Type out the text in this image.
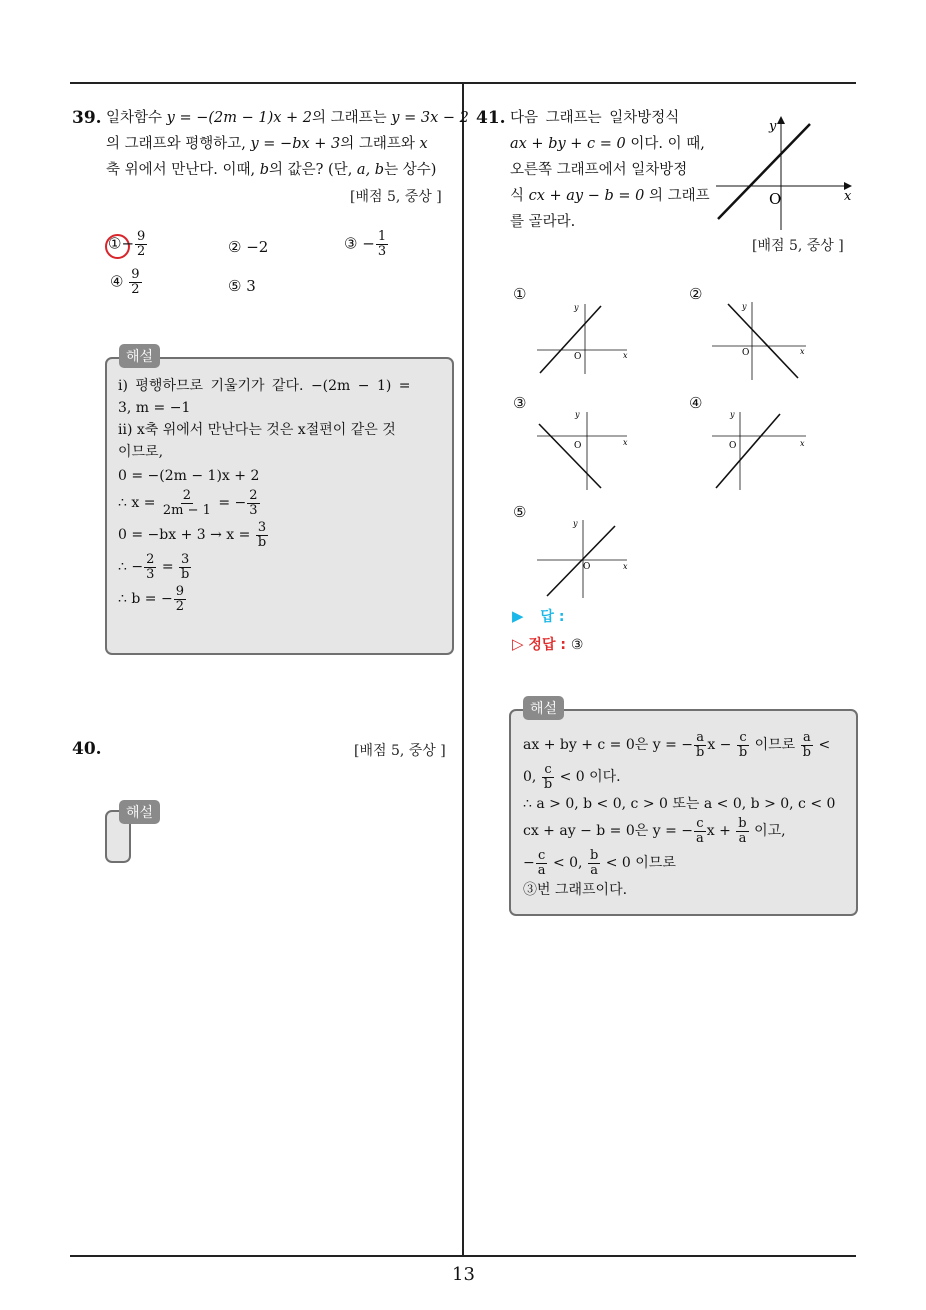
13
39. 일차함수 y = −(2m − 1)x + 2의 그래프는 y = 3x − 2
의 그래프와 평행하고, y = −bx + 3의 그래프와 x
축 위에서 만난다. 이때, b의 값은? (단, a, b는 상수)
[배점 5, 중상 ]
①− $\frac{9}{2}$	② −2	③ − $\frac{1}{3}$
④ $\frac{9}{2}$	⑤ 3
ⅰ) 평행하므로 기울기가 같다. −(2m − 1) =
3, m = −1
ⅱ) x축 위에서 만난다는 것은 x절편이 같은 것
이므로,
0 = −(2m − 1)x + 2
∴ $x = \frac{2}{2m - 1}$ = − $\frac{2}{3}$
$0 = -bx + 3 \to x = \frac{3}{b}$
∴ − $\frac{2}{3} = \frac{3}{b}$
∴ b = − $\frac{9}{2}$
해설
40.	[배점 5, 중상 ]
해설
41. 다음 그래프는 일차방정식
ax + by + c = 0 이다. 이 때,
오른쪽 그래프에서 일차방정
식 cx + ay − b = 0 의 그래프
를 골라라.
y
x
O
[배점 5, 중상 ]
①
y
x
O
②
y
x
O
③
y
x
O
④
y
x
O
⑤
y
x
O
▶ 답 :
▷ 정답 : ③
ax + by + c = 0은 y = − $\frac{a}{b}$ $x - \frac{c}{b}$ 이므로 $\frac{a}{b}$ <
0, $\frac{c}{b} < 0$ 이다.
∴ a > 0, b < 0, c > 0 또는 a < 0, b > 0, c < 0
cx + ay − b = 0은 y = − $\frac{c}{a}$ $x + \frac{b}{a}$ 이고,
− $\frac{c}{a} < 0$, $\frac{b}{a} < 0$ 이므로
③번 그래프이다.
해설
